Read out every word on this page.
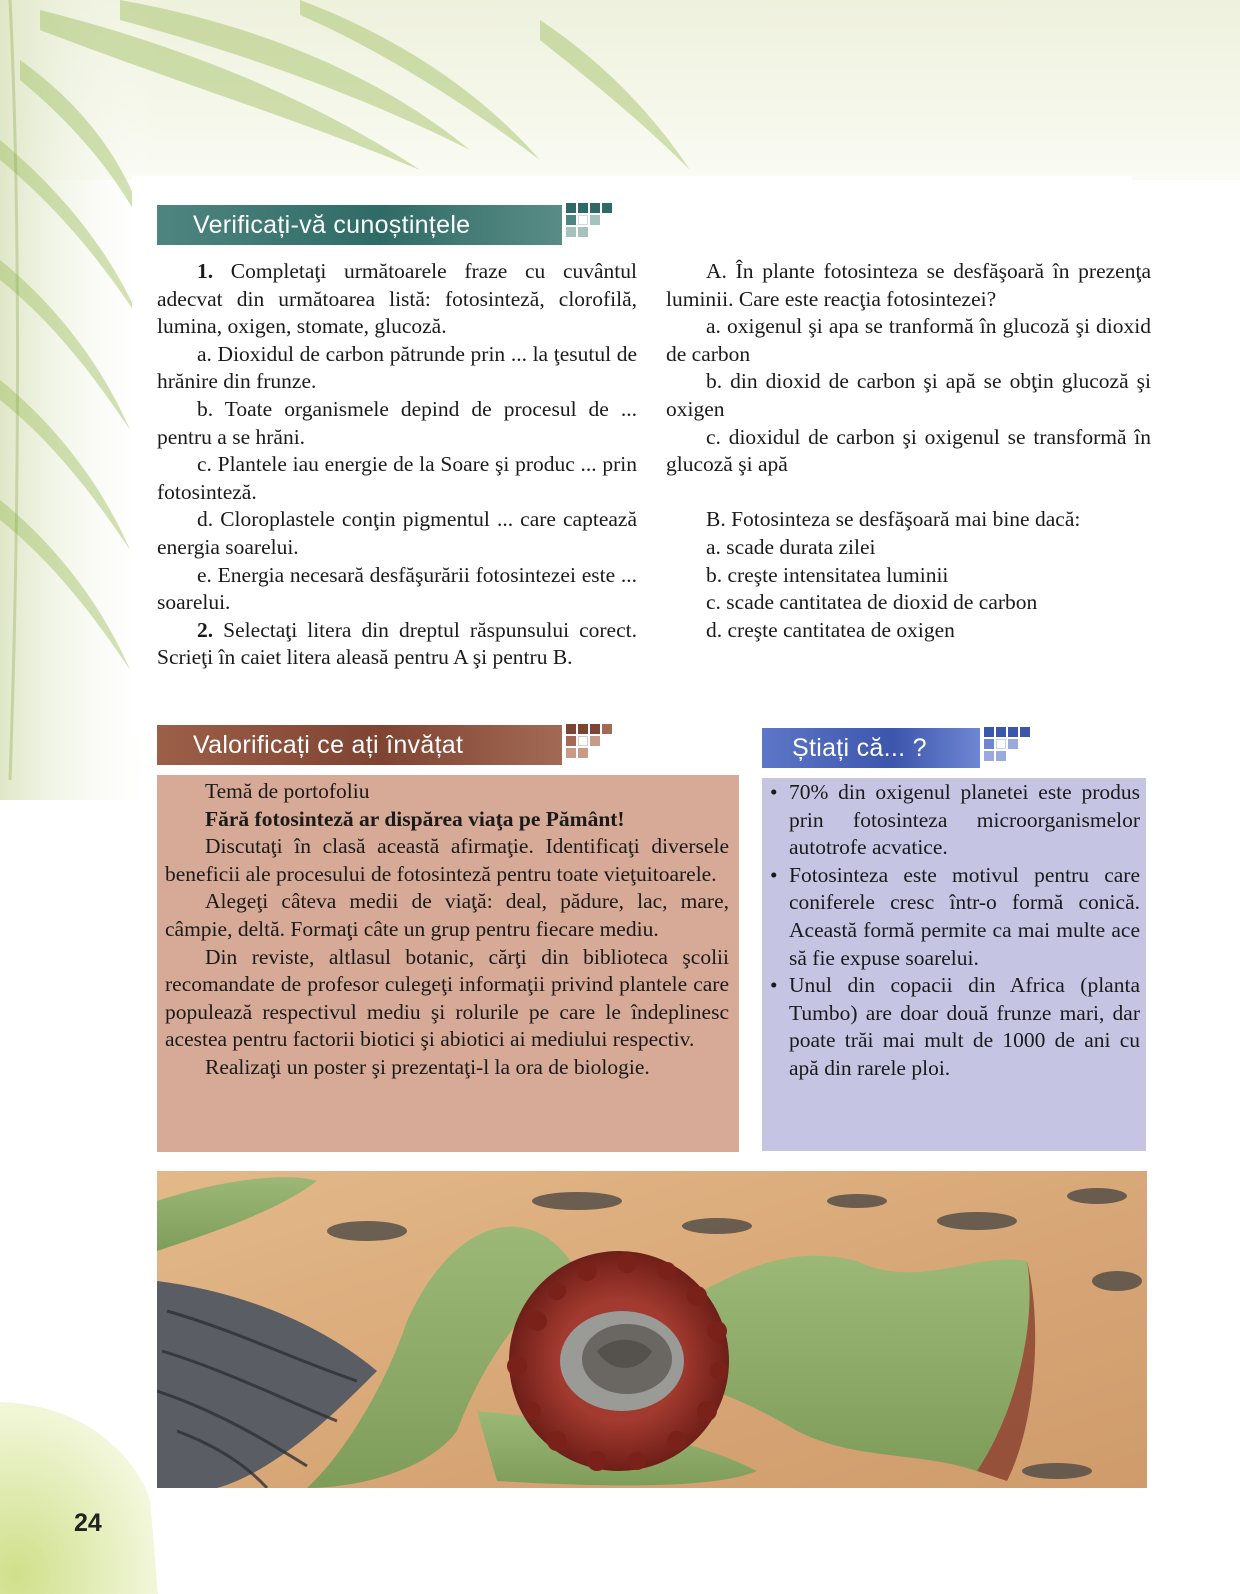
Verificați-vă cunoștințele

1. Completaţi următoarele fraze cu cuvântul adecvat din următoarea listă: fotosinteză, clorofilă, lumina, oxigen, stomate, glucoză.

a. Dioxidul de carbon pătrunde prin ... la ţesutul de hrănire din frunze.

b. Toate organismele depind de procesul de ... pentru a se hrăni.

c. Plantele iau energie de la Soare şi produc ... prin fotosinteză.

d. Cloroplastele conţin pigmentul ... care captează energia soarelui.

e. Energia necesară desfăşurării fotosintezei este ... soarelui.

2. Selectaţi litera din dreptul răspunsului corect. Scrieţi în caiet litera aleasă pentru A şi pentru B.

A. În plante fotosinteza se desfăşoară în prezenţa luminii. Care este reacţia fotosintezei?

a. oxigenul şi apa se tranformă în glucoză şi dioxid de carbon

b. din dioxid de carbon şi apă se obţin glucoză şi oxigen

c. dioxidul de carbon şi oxigenul se transformă în glucoză şi apă

B. Fotosinteza se desfăşoară mai bine dacă:

a. scade durata zilei

b. creşte intensitatea luminii

c. scade cantitatea de dioxid de carbon

d. creşte cantitatea de oxigen

Valorificați ce ați învățat

Temă de portofoliu

Fără fotosinteză ar dispărea viaţa pe Pământ!

Discutaţi în clasă această afirmaţie. Identificaţi diversele beneficii ale procesului de fotosinteză pentru toate vieţuitoarele.

Alegeţi câteva medii de viaţă: deal, pădure, lac, mare, câmpie, deltă. Formaţi câte un grup pentru fiecare mediu.

Din reviste, altlasul botanic, cărţi din biblioteca şcolii recomandate de profesor culegeţi informaţii privind plantele care populează respectivul mediu şi rolurile pe care le îndeplinesc acestea pentru factorii biotici şi abiotici ai mediului respectiv.

Realizaţi un poster şi prezentaţi-l la ora de biologie.

Știați că... ?
• 70% din oxigenul planetei este produs prin fotosinteza microorganismelor autotrofe acvatice.
• Fotosinteza este motivul pentru care coniferele cresc într-o formă conică. Această formă permite ca mai multe ace să fie expuse soarelui.
• Unul din copacii din Africa (planta Tumbo) are doar două frunze mari, dar poate trăi mai mult de 1000 de ani cu apă din rarele ploi.
24
